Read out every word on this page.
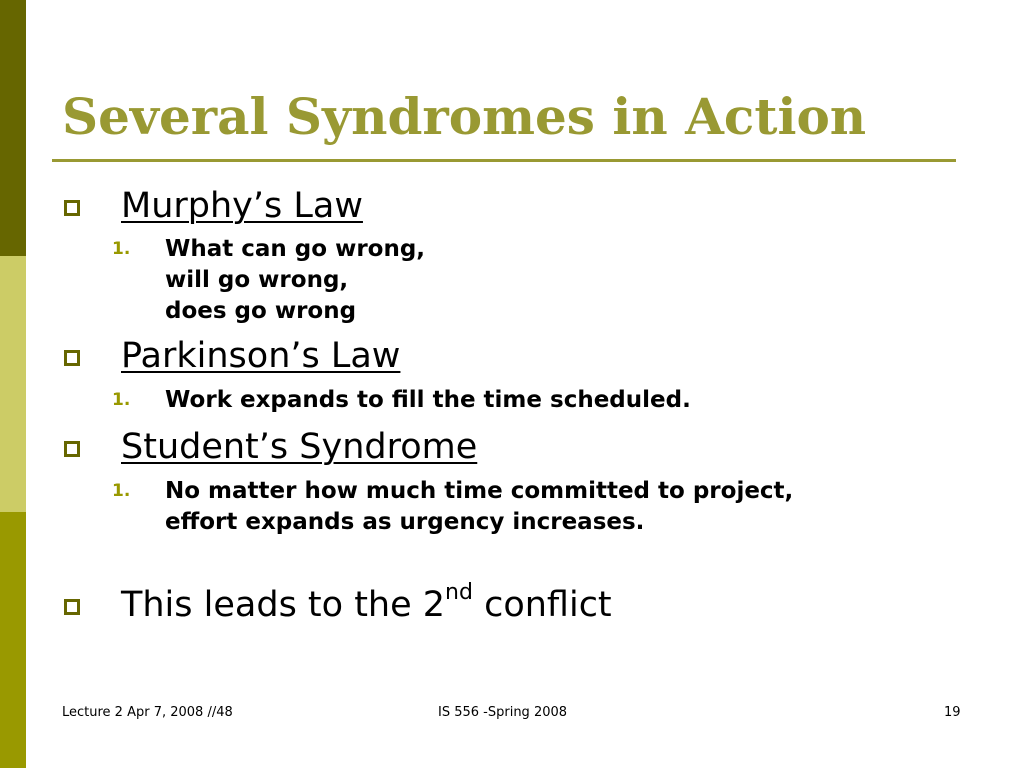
Several Syndromes in Action
Murphy’s Law
1. What can go wrong,
will go wrong,
does go wrong
Parkinson’s Law
1. Work expands to fill the time scheduled.
Student’s Syndrome
1. No matter how much time committed to project,
effort expands as urgency increases.
This leads to the 2nd conflict
Lecture 2 Apr 7, 2008 //48	IS 556 -Spring 2008	19
